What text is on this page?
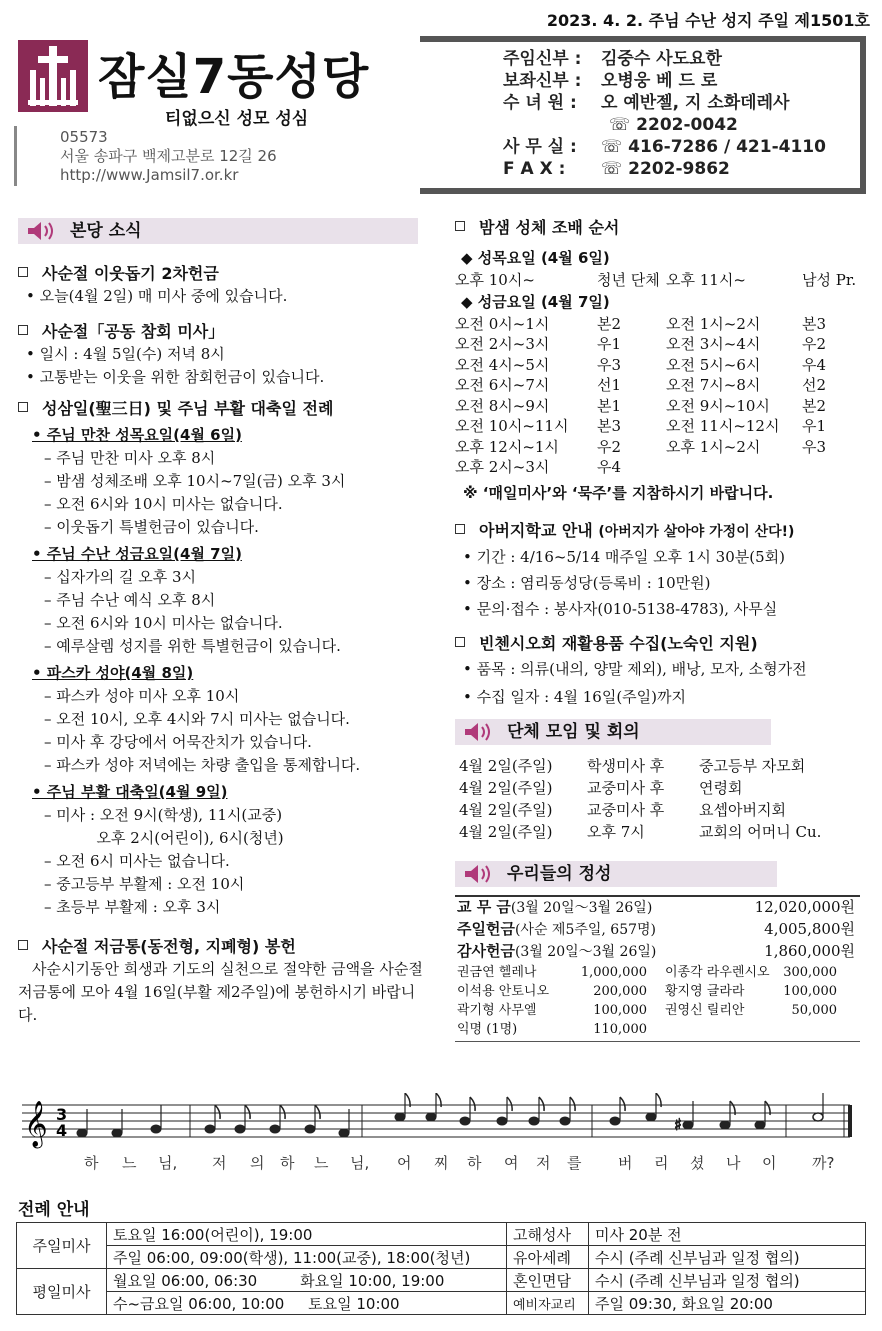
2023. 4. 2. 주님 수난 성지 주일 제1501호
잠실7동성당
티없으신 성모 성심
05573
서울 송파구 백제고분로 12길 26
http://www.Jamsil7.or.kr
주임신부 :	김중수 사도요한
보좌신부 :	오병웅 베 드 로
수 녀 원 :	오 예반젤, 지 소화데레사
☏ 2202-0042
사 무 실 :	☏ 416-7286 / 421-4110
F A X :	☏ 2202-9862
본당 소식
사순절 이웃돕기 2차헌금
• 오늘(4월 2일) 매 미사 중에 있습니다.
사순절「공동 참회 미사」
• 일시 : 4월 5일(수) 저녁 8시
• 고통받는 이웃을 위한 참회헌금이 있습니다.
성삼일(聖三日) 및 주님 부활 대축일 전례
• 주님 만찬 성목요일(4월 6일)
– 주님 만찬 미사 오후 8시
– 밤샘 성체조배 오후 10시~7일(금) 오후 3시
– 오전 6시와 10시 미사는 없습니다.
– 이웃돕기 특별헌금이 있습니다.
• 주님 수난 성금요일(4월 7일)
– 십자가의 길 오후 3시
– 주님 수난 예식 오후 8시
– 오전 6시와 10시 미사는 없습니다.
– 예루살렘 성지를 위한 특별헌금이 있습니다.
• 파스카 성야(4월 8일)
– 파스카 성야 미사 오후 10시
– 오전 10시, 오후 4시와 7시 미사는 없습니다.
– 미사 후 강당에서 어묵잔치가 있습니다.
– 파스카 성야 저녁에는 차량 출입을 통제합니다.
• 주님 부활 대축일(4월 9일)
– 미사 : 오전 9시(학생), 11시(교중)
오후 2시(어린이), 6시(청년)
– 오전 6시 미사는 없습니다.
– 중고등부 부활제 : 오전 10시
– 초등부 부활제 : 오후 3시
사순절 저금통(동전형, 지폐형) 봉헌
사순시기동안 희생과 기도의 실천으로 절약한 금액을 사순절 저금통에 모아 4월 16일(부활 제2주일)에 봉헌하시기 바랍니다.
밤샘 성체 조배 순서
◆ 성목요일 (4월 6일)
오후 10시~	청년 단체 오후 11시~	남성 Pr.
◆ 성금요일 (4월 7일)
오전 0시~1시	본2	오전 1시~2시	본3
오전 2시~3시	우1	오전 3시~4시	우2
오전 4시~5시	우3	오전 5시~6시	우4
오전 6시~7시	선1	오전 7시~8시	선2
오전 8시~9시	본1	오전 9시~10시	본2
오전 10시~11시	본3	오전 11시~12시	우1
오후 12시~1시	우2	오후 1시~2시	우3
오후 2시~3시	우4
※ ‘매일미사’와 ‘묵주’를 지참하시기 바랍니다.
아버지학교 안내 (아버지가 살아야 가정이 산다!)
• 기간 : 4/16~5/14 매주일 오후 1시 30분(5회)
• 장소 : 염리동성당(등록비 : 10만원)
• 문의·접수 : 봉사자(010-5138-4783), 사무실
빈첸시오회 재활용품 수집(노숙인 지원)
• 품목 : 의류(내의, 양말 제외), 배낭, 모자, 소형가전
• 수집 일자 : 4월 16일(주일)까지
단체 모임 및 회의
4월 2일(주일)	학생미사 후	중고등부 자모회
4월 2일(주일)	교중미사 후	연령회
4월 2일(주일)	교중미사 후	요셉아버지회
4월 2일(주일)	오후 7시	교회의 어머니 Cu.
우리들의 정성
교 무 금(3월 20일～3월 26일)	12,020,000원
주일헌금(사순 제5주일, 657명)	4,005,800원
감사헌금(3월 20일～3월 26일)	1,860,000원
권금연 헬레나	1,000,000	이종각 라우렌시오	300,000
이석용 안토니오	200,000	황지영 글라라	100,000
곽기형 사무엘	100,000	권영신 릴리안	50,000
익명 (1명)	110,000
𝄞 3
4	♯
하 느 님, 저 의 하 느 님, 어 찌 하 여 저 를 버 리 셨 나 이 까?
전례 안내
주일미사	토요일 16:00(어린이), 19:00	고해성사	미사 20분 전
	주일 06:00, 09:00(학생), 11:00(교중), 18:00(청년)	유아세례	수시 (주례 신부님과 일정 협의)
평일미사	월요일 06:00, 06:30         화요일 10:00, 19:00	혼인면담	수시 (주례 신부님과 일정 협의)
	수~금요일 06:00, 10:00     토요일 10:00	예비자교리	주일 09:30, 화요일 20:00
